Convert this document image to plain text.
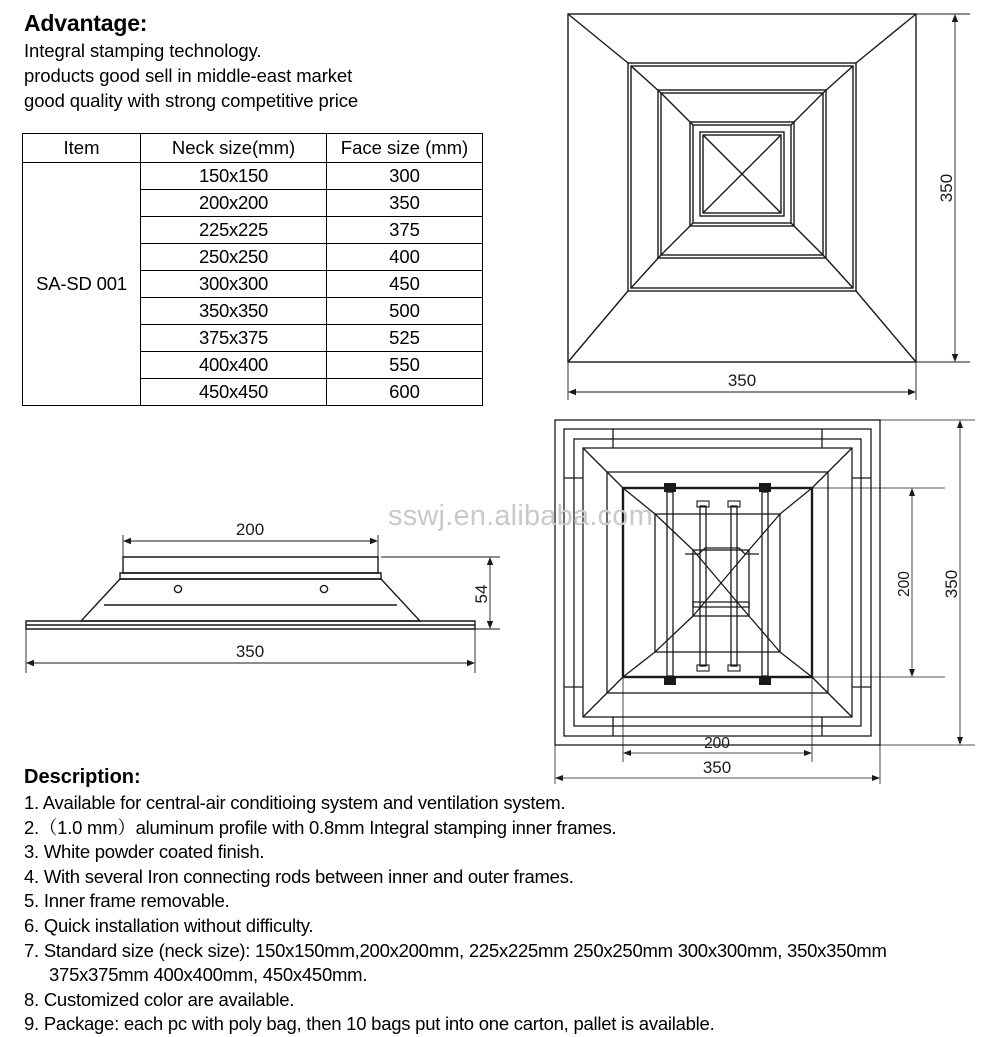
Advantage:
Integral stamping technology.
products good sell in middle-east market
good quality with strong competitive price
Item	Neck size(mm)	Face size (mm)
SA-SD 001	150x150	300
	200x200	350
	225x225	375
	250x250	400
	300x300	450
	350x350	500
	375x375	525
	400x400	550
	450x450	600
350
350
200
54
350
200 350
200
350
sswj.en.alibaba.com
Description:
1. Available for central-air conditioing system and ventilation system.
2.（1.0 mm）aluminum profile with 0.8mm Integral stamping inner frames.
3. White powder coated finish.
4. With several Iron connecting rods between inner and outer frames.
5. Inner frame removable.
6. Quick installation without difficulty.
7. Standard size (neck size): 150x150mm,200x200mm, 225x225mm 250x250mm 300x300mm, 350x350mm
375x375mm 400x400mm, 450x450mm.
8. Customized color are available.
9. Package: each pc with poly bag, then 10 bags put into one carton, pallet is available.
